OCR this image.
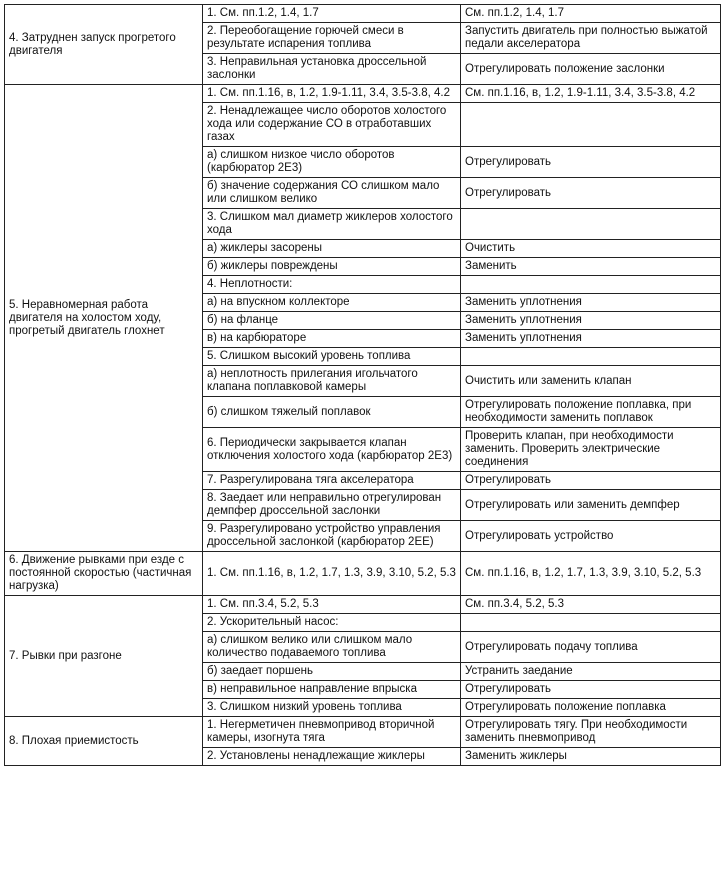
4. Затруднен запуск прогретого двигателя	1. См. пп.1.2, 1.4, 1.7	См. пп.1.2, 1.4, 1.7
	2. Переобогащение горючей смеси в результате испарения топлива	Запустить двигатель при полностью выжатой педали акселератора
	3. Неправильная установка дроссельной заслонки	Отрегулировать положение заслонки
5. Неравномерная работа двигателя на холостом ходу, прогретый двигатель глохнет	1. См. пп.1.16, в, 1.2, 1.9-1.11, 3.4, 3.5-3.8, 4.2	См. пп.1.16, в, 1.2, 1.9-1.11, 3.4, 3.5-3.8, 4.2
	2. Ненадлежащее число оборотов холостого хода или содержание СО в отработавших газах	
	а) слишком низкое число оборотов (карбюратор 2Е3)	Отрегулировать
	б) значение содержания СО слишком мало или слишком велико	Отрегулировать
	3. Слишком мал диаметр жиклеров холостого хода	
	а) жиклеры засорены	Очистить
	б) жиклеры повреждены	Заменить
	4. Неплотности:	
	а) на впускном коллекторе	Заменить уплотнения
	б) на фланце	Заменить уплотнения
	в) на карбюраторе	Заменить уплотнения
	5. Слишком высокий уровень топлива	
	а) неплотность прилегания игольчатого клапана поплавковой камеры	Очистить или заменить клапан
	б) слишком тяжелый поплавок	Отрегулировать положение поплавка, при необходимости заменить поплавок
	6. Периодически закрывается клапан отключения холостого хода (карбюратор 2Е3)	Проверить клапан, при необходимости заменить. Проверить электрические соединения
	7. Разрегулирована тяга акселератора	Отрегулировать
	8. Заедает или неправильно отрегулирован демпфер дроссельной заслонки	Отрегулировать или заменить демпфер
	9. Разрегулировано устройство управления дроссельной заслонкой (карбюратор 2ЕЕ)	Отрегулировать устройство
6. Движение рывками при езде с постоянной скоростью (частичная нагрузка)	1. См. пп.1.16, в, 1.2, 1.7, 1.3, 3.9, 3.10, 5.2, 5.3	См. пп.1.16, в, 1.2, 1.7, 1.3, 3.9, 3.10, 5.2, 5.3
7. Рывки при разгоне	1. См. пп.3.4, 5.2, 5.3	См. пп.3.4, 5.2, 5.3
	2. Ускорительный насос:	
	а) слишком велико или слишком мало количество подаваемого топлива	Отрегулировать подачу топлива
	б) заедает поршень	Устранить заедание
	в) неправильное направление впрыска	Отрегулировать
	3. Слишком низкий уровень топлива	Отрегулировать положение поплавка
8. Плохая приемистость	1. Негерметичен пневмопривод вторичной камеры, изогнута тяга	Отрегулировать тягу. При необходимости заменить пневмопривод
	2. Установлены ненадлежащие жиклеры	Заменить жиклеры
